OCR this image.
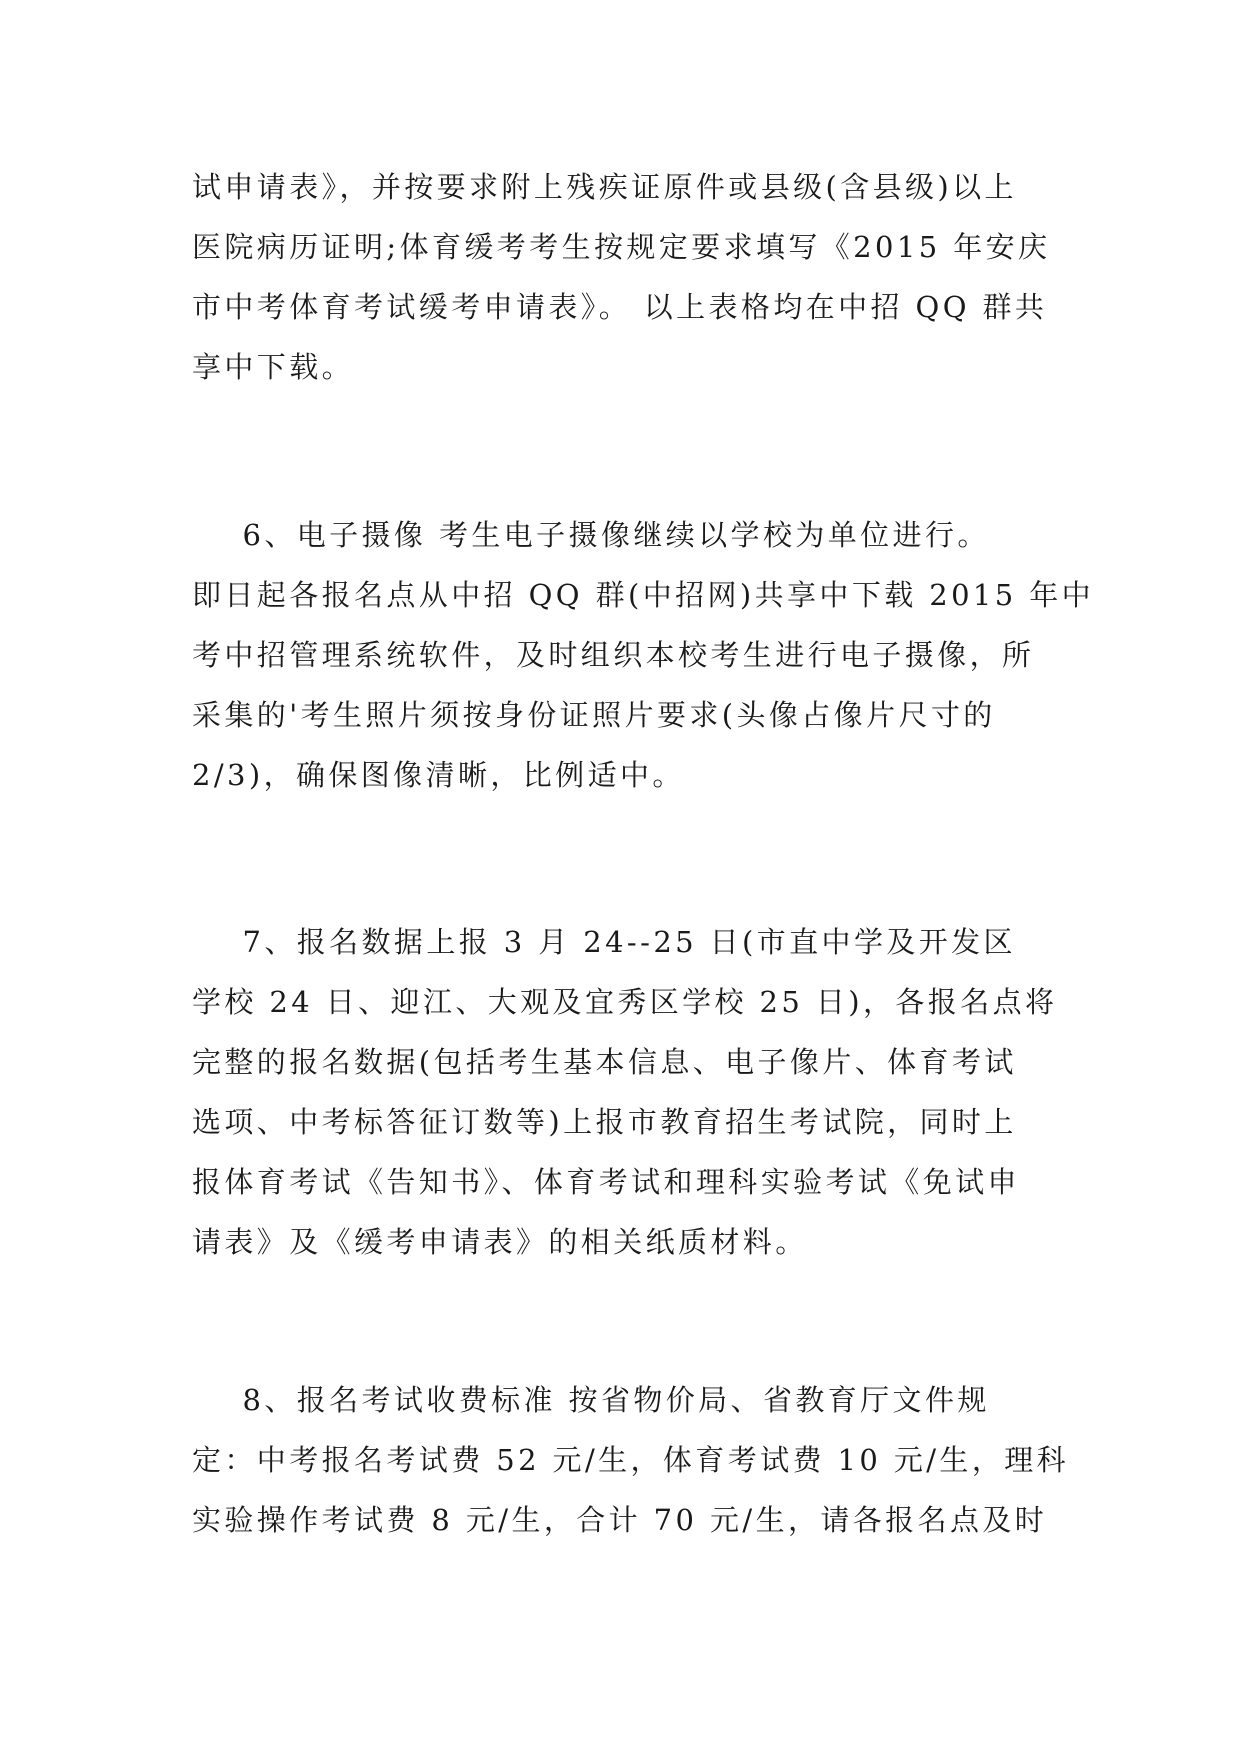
试申请表》，并按要求附上残疾证原件或县级(含县级)以上
医院病历证明;体育缓考考生按规定要求填写《2015 年安庆
市中考体育考试缓考申请表》。 以上表格均在中招 QQ 群共
享中下载。

6、电子摄像 考生电子摄像继续以学校为单位进行。
即日起各报名点从中招 QQ 群(中招网)共享中下载 2015 年中
考中招管理系统软件，及时组织本校考生进行电子摄像，所
采集的'考生照片须按身份证照片要求(头像占像片尺寸的
2/3)，确保图像清晰，比例适中。

7、报名数据上报 3 月 24--25 日(市直中学及开发区
学校 24 日、迎江、大观及宜秀区学校 25 日)，各报名点将
完整的报名数据(包括考生基本信息、电子像片、体育考试
选项、中考标答征订数等)上报市教育招生考试院，同时上
报体育考试《告知书》、体育考试和理科实验考试《免试申
请表》及《缓考申请表》的相关纸质材料。

8、报名考试收费标准 按省物价局、省教育厅文件规
定：中考报名考试费 52 元/生，体育考试费 10 元/生，理科
实验操作考试费 8 元/生，合计 70 元/生，请各报名点及时
